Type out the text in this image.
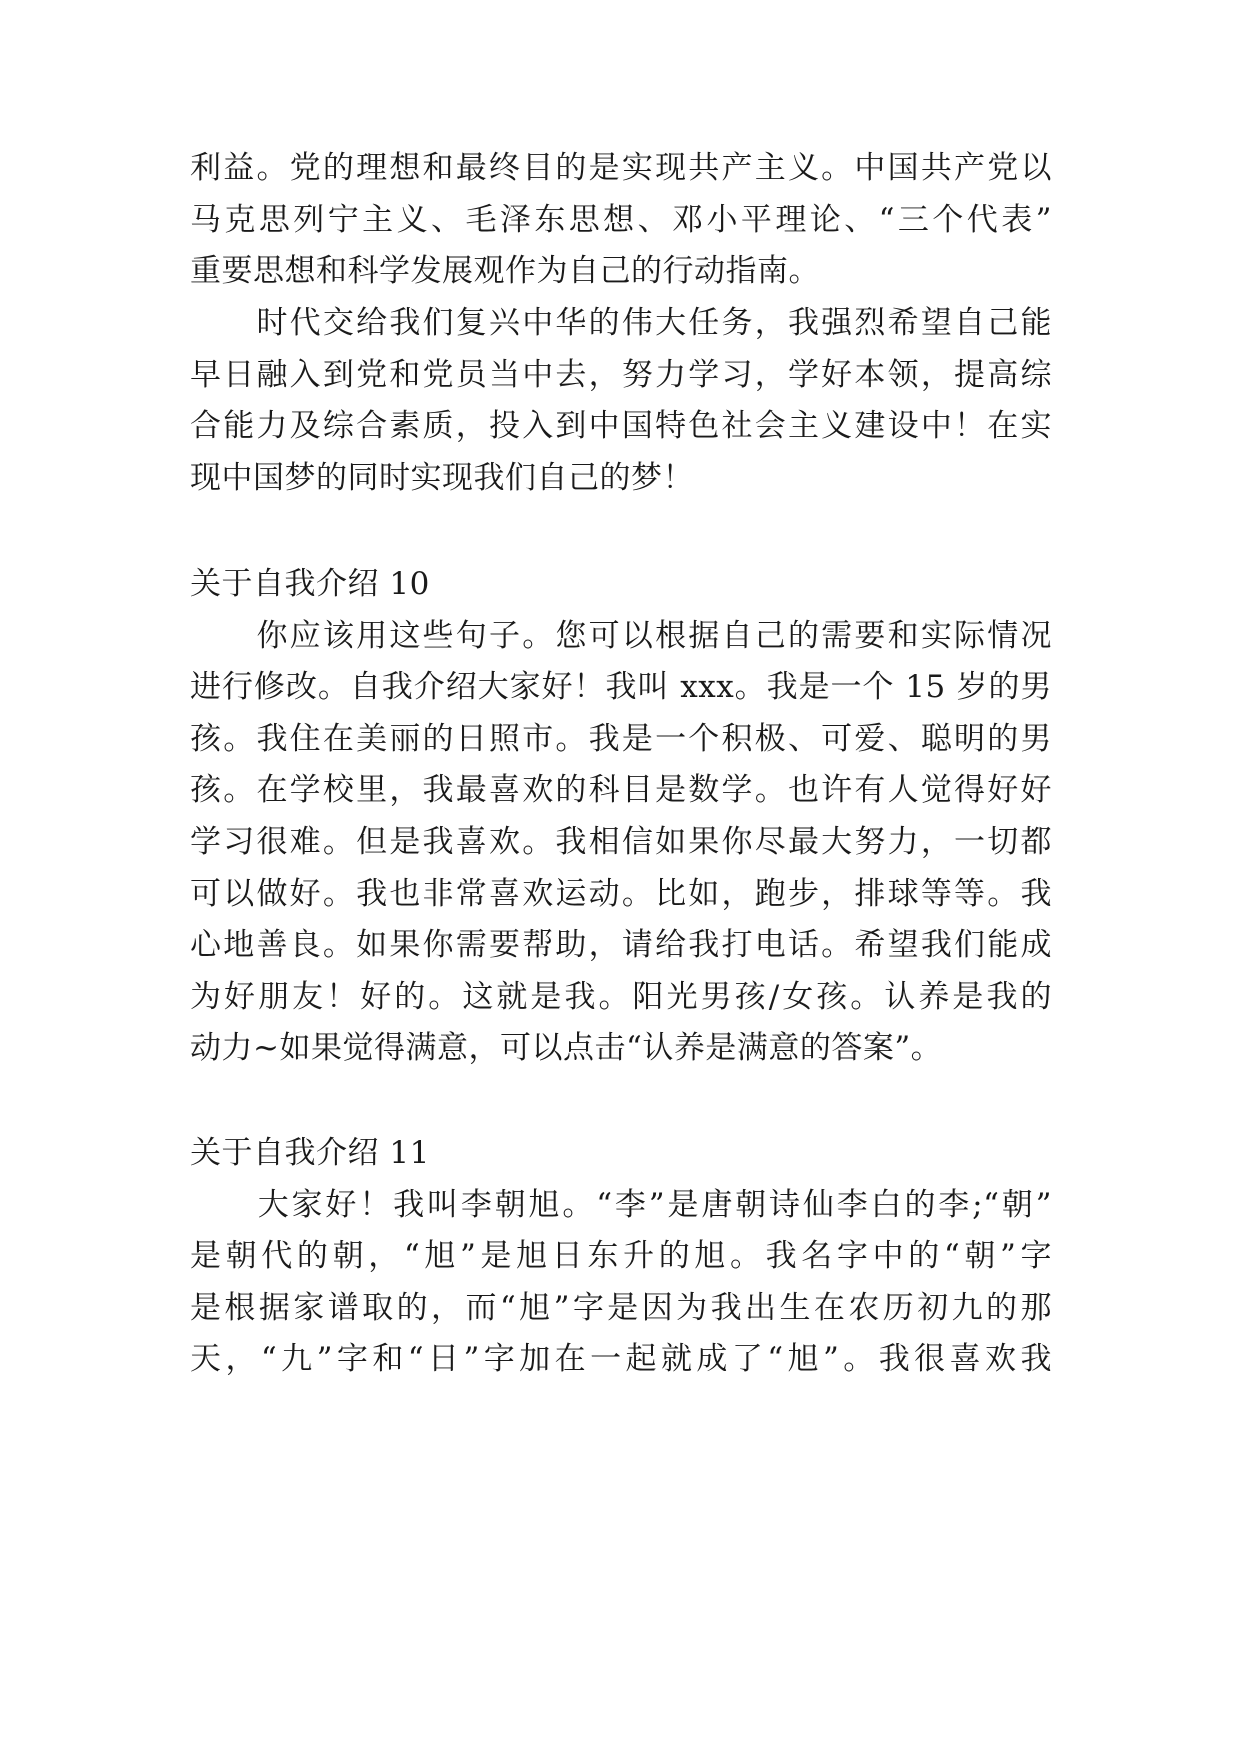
利益。党的理想和最终目的是实现共产主义。中国共产党以
马克思列宁主义、毛泽东思想、邓小平理论、“三个代表”
重要思想和科学发展观作为自己的行动指南。
　　时代交给我们复兴中华的伟大任务，我强烈希望自己能
早日融入到党和党员当中去，努力学习，学好本领，提高综
合能力及综合素质，投入到中国特色社会主义建设中！在实
现中国梦的同时实现我们自己的梦！
关于自我介绍 10
　　你应该用这些句子。您可以根据自己的需要和实际情况
进行修改。自我介绍大家好！我叫 xxx。我是一个 15 岁的男
孩。我住在美丽的日照市。我是一个积极、可爱、聪明的男
孩。在学校里，我最喜欢的科目是数学。也许有人觉得好好
学习很难。但是我喜欢。我相信如果你尽最大努力，一切都
可以做好。我也非常喜欢运动。比如，跑步，排球等等。我
心地善良。如果你需要帮助，请给我打电话。希望我们能成
为好朋友！好的。这就是我。阳光男孩/女孩。认养是我的
动力~如果觉得满意，可以点击“认养是满意的答案”。
关于自我介绍 11
　　大家好！我叫李朝旭。“李”是唐朝诗仙李白的李;“朝”
是朝代的朝，“旭”是旭日东升的旭。我名字中的“朝”字
是根据家谱取的，而“旭”字是因为我出生在农历初九的那
天，“九”字和“日”字加在一起就成了“旭”。我很喜欢我
